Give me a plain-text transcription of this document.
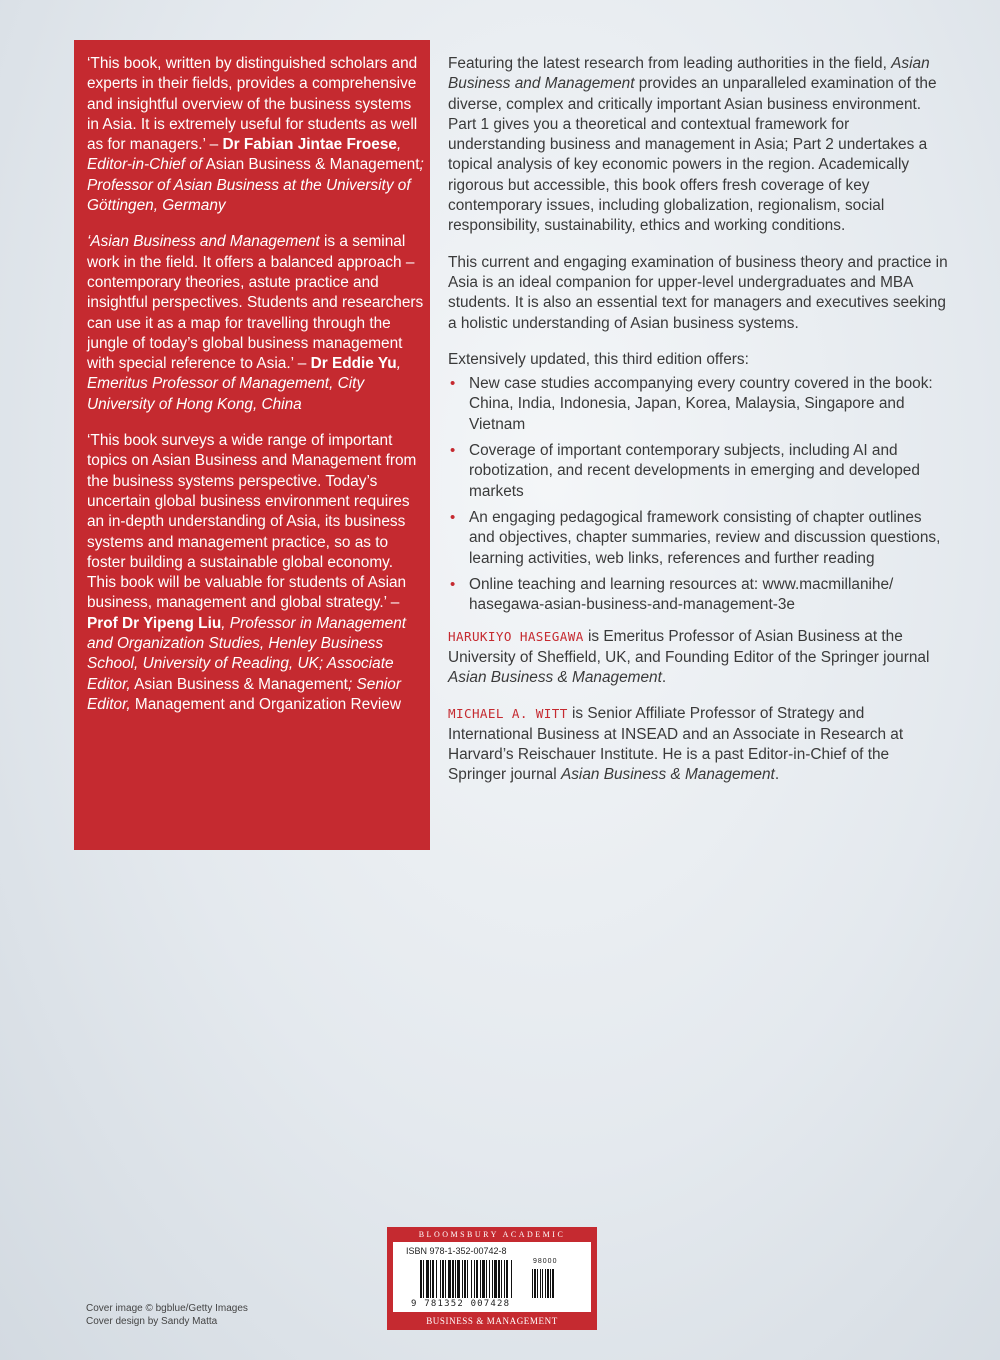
‘This book, written by distinguished scholars and experts in their fields, provides a comprehensive and insightful overview of the business systems in Asia. It is extremely useful for students as well as for managers.’ – Dr Fabian Jintae Froese, Editor-in-Chief of Asian Business & Management; Professor of Asian Business at the University of Göttingen, Germany

‘Asian Business and Management is a seminal work in the field. It offers a balanced approach – contemporary theories, astute practice and insightful perspectives. Students and researchers can use it as a map for travelling through the jungle of today’s global business management with special reference to Asia.’ – Dr Eddie Yu, Emeritus Professor of Management, City University of Hong Kong, China

‘This book surveys a wide range of important topics on Asian Business and Management from the business systems perspective. Today’s uncertain global business environment requires an in-depth understanding of Asia, its business systems and management practice, so as to foster building a sustainable global economy. This book will be valuable for students of Asian business, management and global strategy.’ – Prof Dr Yipeng Liu, Professor in Management and Organization Studies, Henley Business School, University of Reading, UK; Associate Editor, Asian Business & Management; Senior Editor, Management and Organization Review

Featuring the latest research from leading authorities in the field, Asian Business and Management provides an unparalleled examination of the diverse, complex and critically important Asian business environment. Part 1 gives you a theoretical and contextual framework for understanding business and management in Asia; Part 2 undertakes a topical analysis of key economic powers in the region. Academically rigorous but accessible, this book offers fresh coverage of key contemporary issues, including globalization, regionalism, social responsibility, sustainability, ethics and working conditions.

This current and engaging examination of business theory and practice in Asia is an ideal companion for upper-level undergraduates and MBA students. It is also an essential text for managers and executives seeking a holistic understanding of Asian business systems.

Extensively updated, this third edition offers:

• New case studies accompanying every country covered in the book: China, India, Indonesia, Japan, Korea, Malaysia, Singapore and Vietnam
• Coverage of important contemporary subjects, including AI and robotization, and recent developments in emerging and developed markets
• An engaging pedagogical framework consisting of chapter outlines and objectives, chapter summaries, review and discussion questions, learning activities, web links, references and further reading
• Online teaching and learning resources at: www.macmillanihe/ hasegawa-asian-business-and-management-3e

HARUKIYO HASEGAWA is Emeritus Professor of Asian Business at the University of Sheffield, UK, and Founding Editor of the Springer journal Asian Business & Management.

MICHAEL A. WITT is Senior Affiliate Professor of Strategy and International Business at INSEAD and an Associate in Research at Harvard’s Reischauer Institute. He is a past Editor-in-Chief of the Springer journal Asian Business & Management.

Cover image © bgblue/Getty Images
Cover design by Sandy Matta
BLOOMSBURY ACADEMIC
ISBN 978-1-352-00742-8
98000
9 781352 007428
BUSINESS & MANAGEMENT
